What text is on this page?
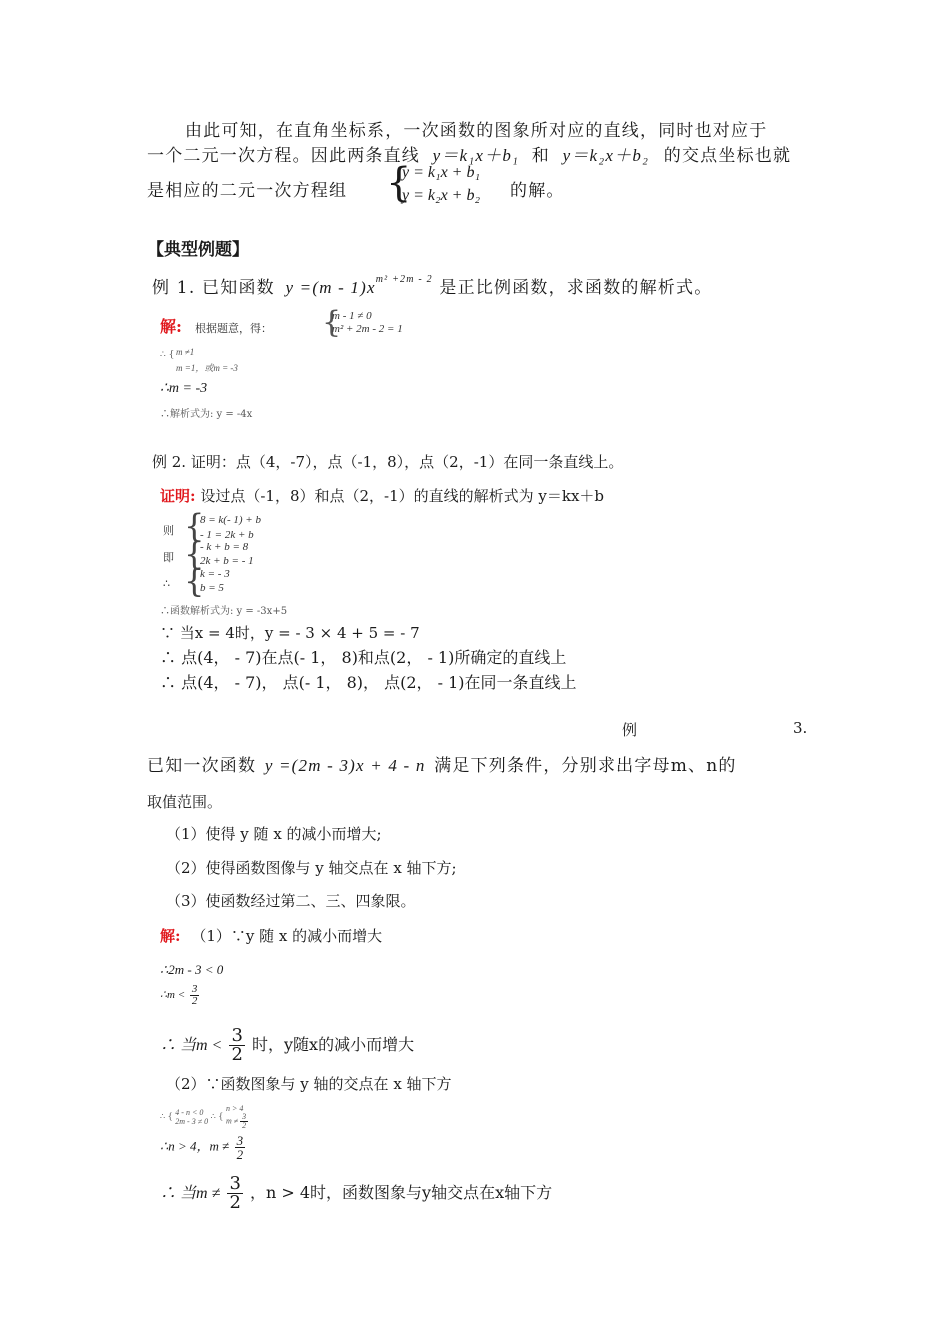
由此可知，在直角坐标系，一次函数的图象所对应的直线，同时也对应于
一个二元一次方程。因此两条直线 y＝k₁x＋b₁ 和 y＝k₂x＋b₂ 的交点坐标也就
是相应的二元一次方程组 {
y = k₁x + b₁
y = k₂x + b₂ 的解。
【典型例题】
例 1. 已知函数 $y =(m - 1)x^{m^2 +2m - 2}$ 是正比例函数，求函数的解析式。
解: 根据题意，得： {
m - 1 ≠ 0
m² + 2m - 2 = 1
∴ { m ≠1
m =1，或m = -3
∴m = -3
∴解析式为: y = -4x
例 2. 证明：点（4，-7），点（-1，8），点（2，-1）在同一条直线上。
证明: 设过点（-1，8）和点（2，-1）的直线的解析式为 y＝kx＋b
则 {
8 = k(- 1) + b
- 1 = 2k + b
即 {
- k + b = 8
2k + b = - 1
∴ {
k = - 3
b = 5
∴函数解析式为: y = -3x+5
∵ 当x = 4时，y = - 3 × 4 + 5 = - 7
∴ 点(4， - 7)在点(- 1， 8)和点(2， - 1)所确定的直线上
∴ 点(4， - 7)， 点(- 1， 8)， 点(2， - 1)在同一条直线上
例	3.
已知一次函数 y =(2m - 3)x + 4 - n 满足下列条件，分别求出字母m、n的
取值范围。
（1）使得 y 随 x 的减小而增大;
（2）使得函数图像与 y 轴交点在 x 轴下方;
（3）使函数经过第二、三、四象限。
解: （1）∵y 随 x 的减小而增大
∴2m - 3 < 0
∴m < $\frac{3}{2}$
∴ 当$m < \frac{3}{2}$ 时，y随x的减小而增大
（2）∵函数图象与 y 轴的交点在 x 轴下方
∴ { 4 - n < 0
2m - 3 ≠ 0
∴ {
n > 4
$m \ne \frac{3}{2}$
∴n > 4，$m \ne \frac{3}{2}$
∴ 当$m \ne \frac{3}{2}$ ，n > 4时，函数图象与y轴交点在x轴下方
